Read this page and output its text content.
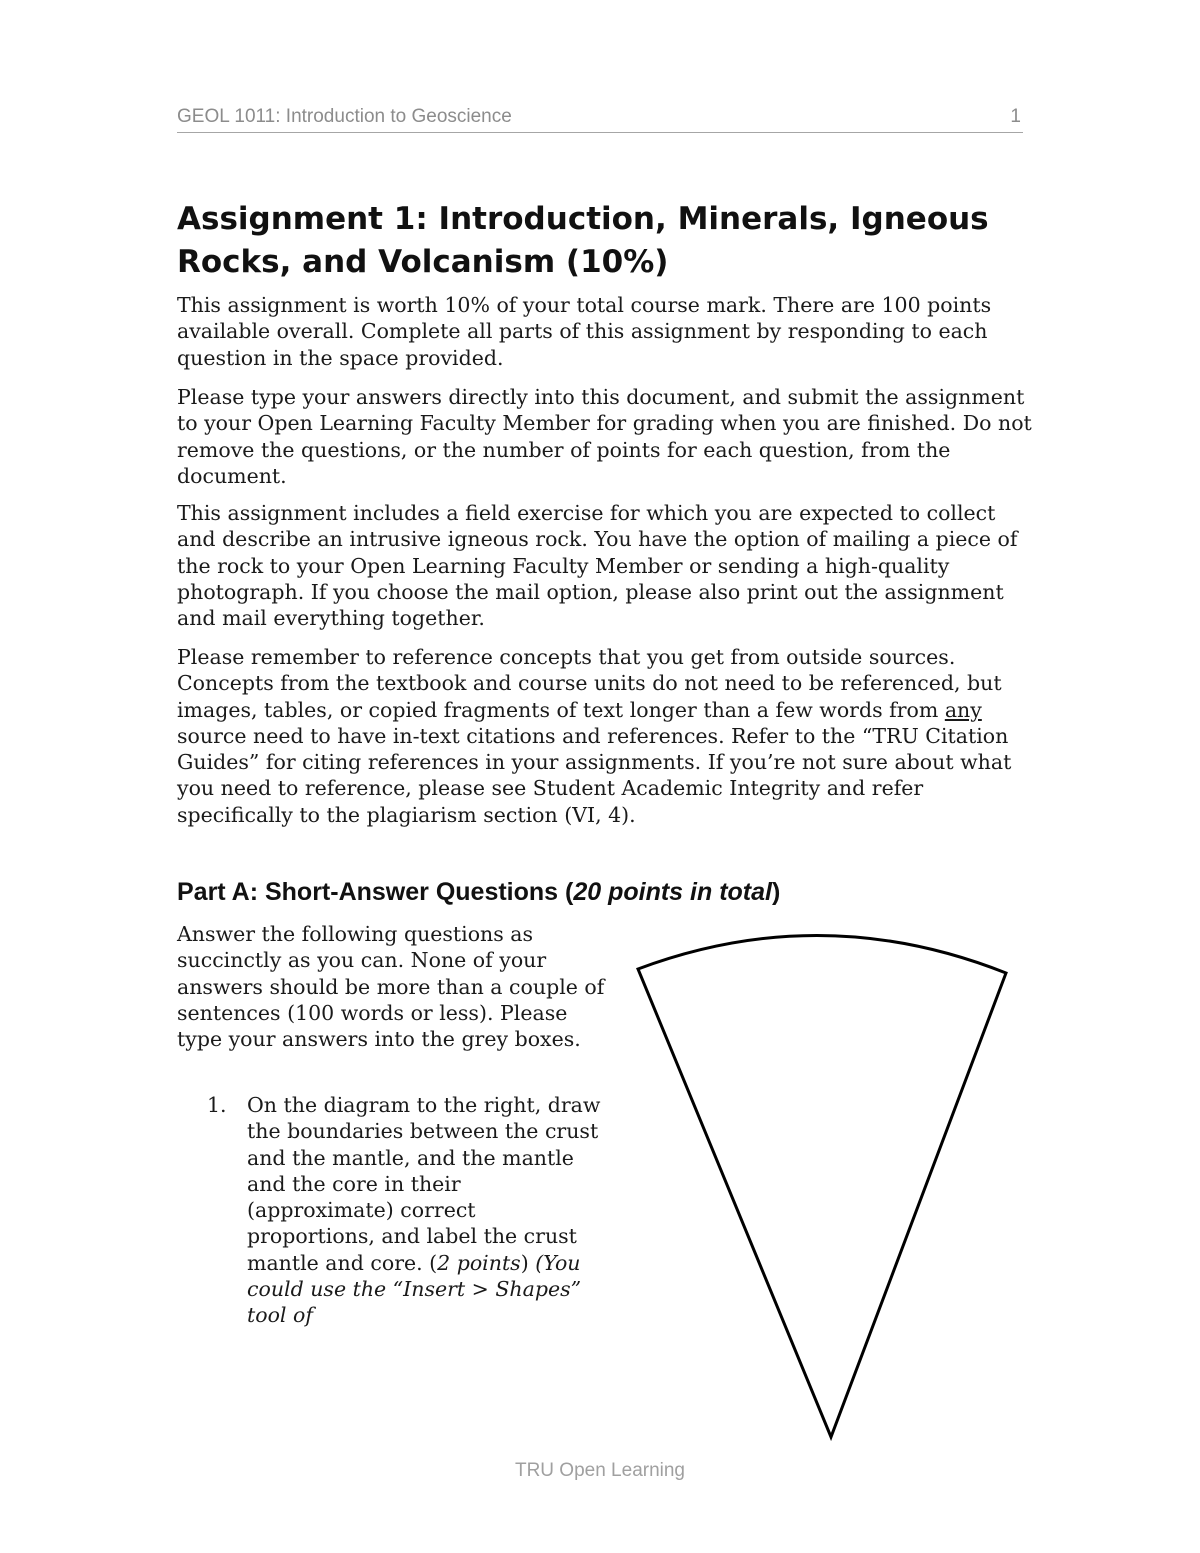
GEOL 1011: Introduction to Geoscience	1
Assignment 1: Introduction, Minerals, Igneous
Rocks, and Volcanism (10%)

This assignment is worth 10% of your total course mark. There are 100 points available overall. Complete all parts of this assignment by responding to each question in the space provided.

Please type your answers directly into this document, and submit the assignment to your Open Learning Faculty Member for grading when you are finished. Do not remove the questions, or the number of points for each question, from the document.

This assignment includes a field exercise for which you are expected to collect and describe an intrusive igneous rock. You have the option of mailing a piece of the rock to your Open Learning Faculty Member or sending a high-quality photograph. If you choose the mail option, please also print out the assignment and mail everything together.

Please remember to reference concepts that you get from outside sources. Concepts from the textbook and course units do not need to be referenced, but images, tables, or copied fragments of text longer than a few words from any source need to have in-text citations and references. Refer to the “TRU Citation Guides” for citing references in your assignments. If you’re not sure about what you need to reference, please see Student Academic Integrity and refer specifically to the plagiarism section (VI, 4).

Part A: Short-Answer Questions (20 points in total)

Answer the following questions as succinctly as you can. None of your answers should be more than a couple of sentences (100 words or less). Please type your answers into the grey boxes.

1. On the diagram to the right, draw the boundaries between the crust and the mantle, and the mantle and the core in their (approximate) correct proportions, and label the crust mantle and core. (2 points) (You could use the “Insert > Shapes” tool of
TRU Open Learning
